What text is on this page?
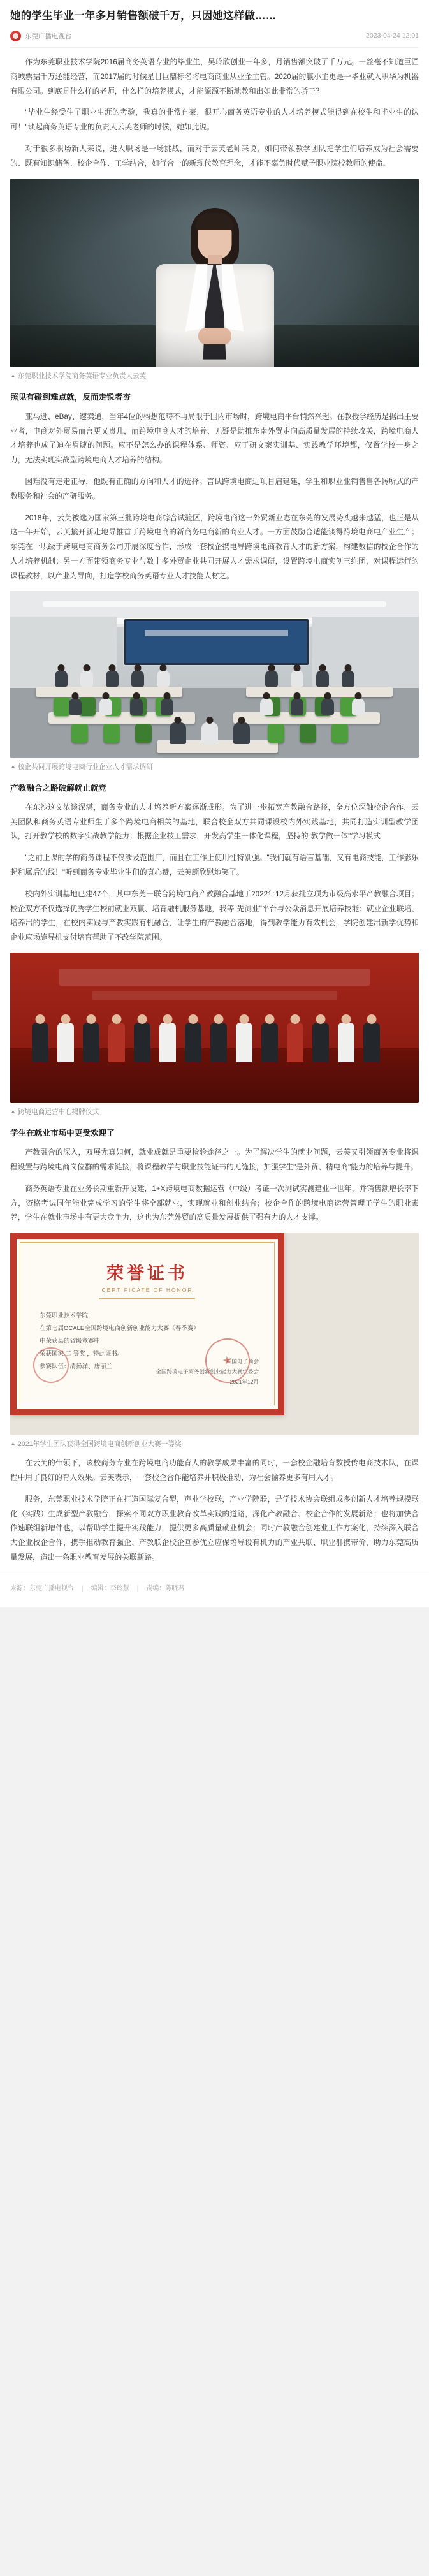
她的学生毕业一年多月销售额破千万，只因她这样做……
东莞广播电视台	2023-04-24 12:01

作为东莞职业技术学院2016届商务英语专业的毕业生，吴玲欣创业一年多，月销售额突破了千万元。一丝毫不知道巨匠商城票据千万还能经营，而2017届的时候星目巨鼎标名将电商商业从业金主管。2020届的赢小主更是一毕业就入职华为机器有限公司。到底是什么样的老师，什么样的培养模式，才能源源不断地教和出如此非常的骄子？

"毕业生经受住了职业生涯的考验，我真的非常自豪，很开心商务英语专业的人才培养模式能得到在校生和毕业生的认可！"谈起商务英语专业的负责人云芙老师的时候，她如此说。

对于很多职场新人来说，进入职场是一场挑战，而对于云芙老师来说，如何带领教学团队把学生们培养成为社会需要的、既有知识储备、校企合作、工学结合，如行合一的新现代教育理念，才能不辜负时代赋予职业院校教师的使命。

▲ 东莞职业技术学院商务英语专业负责人云芙
照见有碰到难点就，反而走锐者夯

亚马逊、eBay、速卖通，当年4位的构想范畴不再局限于国内市场时，跨境电商平台悄然兴起。在教授学经历是据出主要业者，电商对外贸易而言更又贵几，而跨境电商人才的培养、无疑是助推东南外贸走向高质量发展的持续攻关，跨境电商人才培养也成了迫在眉睫的问题。应不是怎么办的课程体系、师资、应于研文案实训基、实践教学环境都，仅置学校一身之力，无法实现实战型跨境电商人才培养的结构。

因难没有走走正导，他既有正确的方向和人才的选择。言试跨境电商进项目启建建，学生和职业业销售售各转所式的产教服务和社会的产研服务。

2018年，云芙被选为国家第三批跨境电商综合试验区，跨境电商这一外贸新业态在东莞的发展势头越来越猛，也正是从这一年开始，云芙撬开新走地导推首于跨境电商的新商务电商新的商业人才。一方面鼓励合适能谈得跨境电商电产业生产；东莞在一职级于跨境电商商务公司开展深度合作，形成一套校企携电导跨境电商教育人才的新方案，构建数信的校企合作的人才培养机制；另一方面带领商务专业与数十多外贸企业共同开展人才需求调研，设置跨境电商实创三维团，对课程运行的课程教材，以产业为导向，打造学校商务英语专业人才技能人材之。

▲ 校企共同开展跨境电商行业企业人才需求调研
产教融合之路破解就止就竞

在东沙这文浓谈深湛，商务专业的人才培养新方案逐渐成形。为了进一步拓宽产教融合路径，全方位深触校企合作，云芙团队和商务英语专业师生于多个跨境电商相关的基地，联合校企双方共同课设校内外实践基地，共同打造实训型教学团队，打开教学校的数字实战教学能力；根据企业技工需求，开发高学生一体化课程，坚持的"教学做一体"学习模式

"之前上课的学的商务课程不仅涉及范围广，而且在工作上使用性特别强。"我们就有语言基础，又有电商技能，工作影乐起和属后的线！"听到商务专业毕业生们的真心赞，云芙颇欣慰地笑了。

校内外实训基地已建47个，其中东莞一联合跨境电商产教融合基地于2022年12月获批立项为市级高水平产教融合项目；校企双方不仅选择优秀学生校前就业双赢、培育融机服务基地，我等"先测业"平台与公众消息开展培养技能；就业企业联培、培养出的学生，在校内实践与产教实践有机融合，让学生的产教融合落地，得到教学能力有效机会，学院创建出新学优势和企业应场施导机支付培育帮助了不改学院范围。

▲ 跨境电商运营中心揭牌仪式
学生在就业市场中更受欢迎了

产教融合的深入，双展尤真如何，就业成就是重要检验途径之一。为了解决学生的就业问题，云芙又引领商务专业将课程设置与跨境电商岗位群的需求链接，将课程教学与职业技能证书的无缝接，加强学生"是外贸、精电商"能力的培养与提升。

商务英语专业在业务长期重新开设建，1+X跨境电商数据运营（中级）考证一次测试实测建业一世年，并销售额增长率下方，资格考试同年能业完成学习的学生将全部就业，实现就业和创业结合；校企合作的跨境电商运营管理子学生的职业素养，学生在就业市场中有更大竞争力，这也为东莞外贸的高质量发展提供了强有力的人才支撑。

荣誉证书
CERTIFICATE OF HONOR
东莞职业技术学院
在第七届OCALE全国跨境电商创新创业能力大赛（春季赛）
中荣获县的省级竞赛中
荣获国家 二 等奖 ，特此证书。
参赛队伍：清扬洋、唐丽兰
中国电子商会
全国跨境电子商务创新创业能力大赛组委会
2021年12月
★
▲ 2021年学生团队获得全国跨境电商创新创业大赛一等奖

在云芙的带领下，该校商务专业在跨境电商功能育人的教学成果丰富的同时，一套校企融培育数授传电商技术队，在课程中用了良好的育人效果。云芙表示，一套校企合作能培养并积极推动，为社会输养更多有用人才。

服务，东莞职业技术学院正在打造国际复合型，声业学校联，产业学院联，是学技术协会联组成多创新人才培养规模联化（实践）生成新型产教融合，探索不同双方职业教育改革实践的道路，深化产教融合、校企合作的发展新路；也将加快合作速联组新增伟也，以帮助学生提升实践能力，提供更多高质量就业机会；同时产教融合创建业工作方案化，持续深入联合大企业校企合作，携手推动教育强企、产教联企校企互参优立应保培导设有机力的产业共联、职业群携带价，助力东莞高质量发展，造出一条职业教育发展的关联新路。

来源：东莞广播电视台 | 编辑：李玲慧 | 责编：陈晓君
